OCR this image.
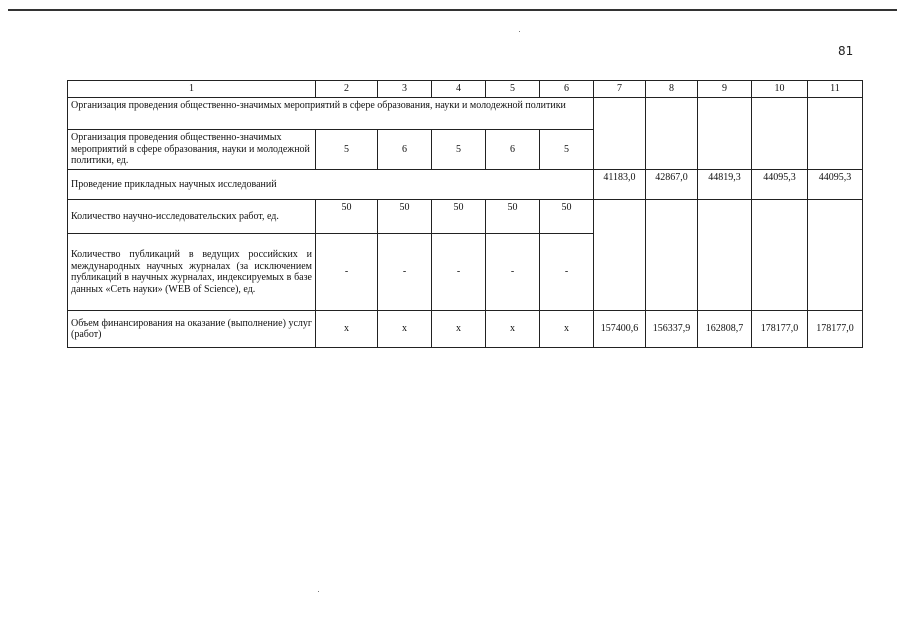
81
1	2	3	4	5	6	7	8	9	10	11
Организация проведения общественно-значимых мероприятий в сфере образования, науки и молодежной политики										
Организация проведения общественно-значимых мероприятий в сфере образования, науки и молодежной политики, ед.	5	6	5	6	5					
Проведение прикладных научных исследований						41183,0	42867,0	44819,3	44095,3	44095,3
Количество научно-исследовательских работ, ед.	50	50	50	50	50					
Количество публикаций в ведущих российских и международных научных журналах (за исключением публикаций в научных журналах, индексируемых в базе данных «Сеть науки» (WEB of Science), ед.	-	-	-	-	-					
Объем финансирования на оказание (выполнение) услуг (работ)	х	х	х	х	х	157400,6	156337,9	162808,7	178177,0	178177,0
